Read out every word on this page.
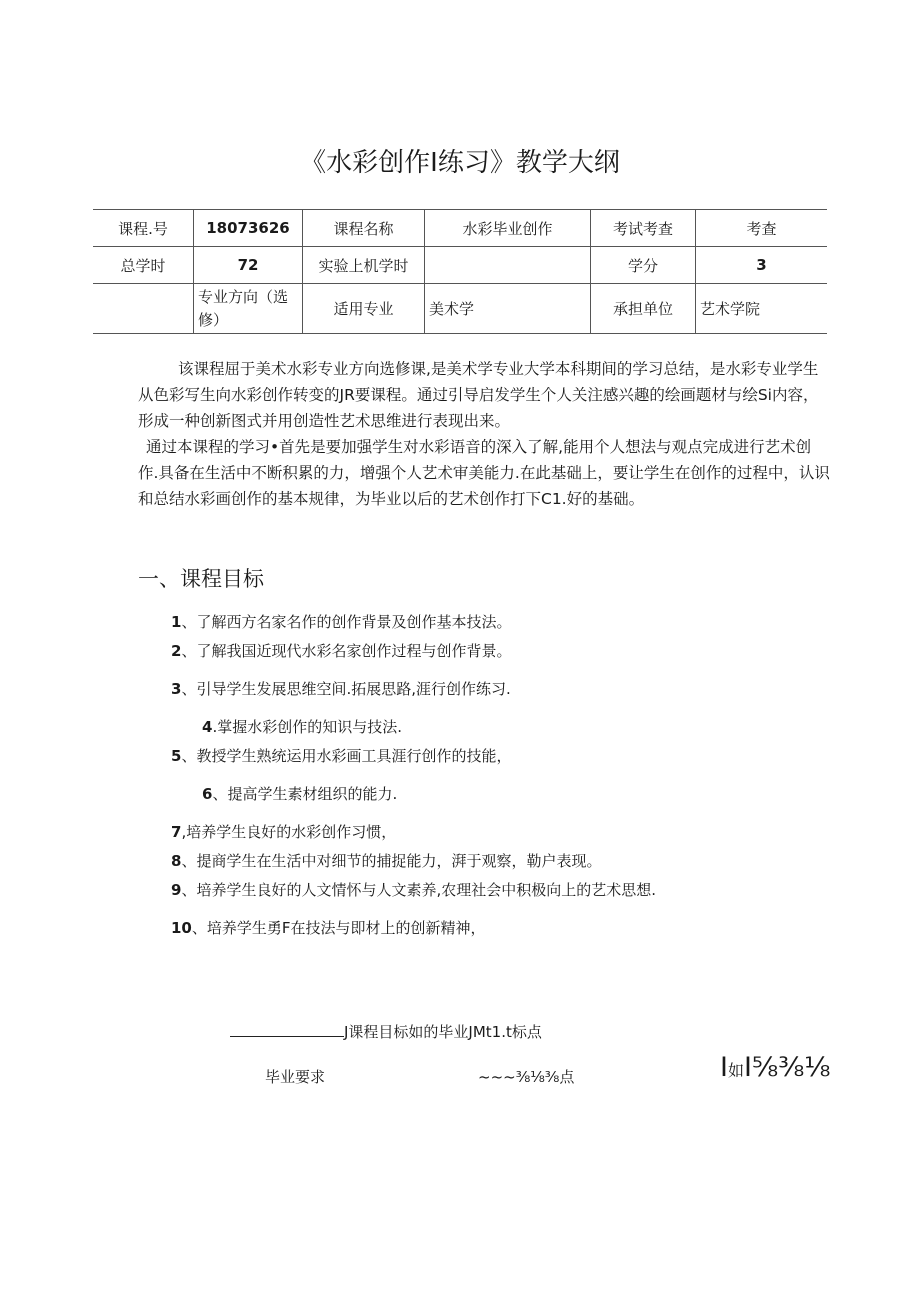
《水彩创作I练习》教学大纲
课程.号	18073626	课程名称	水彩毕业创作	考试考查	考查
总学时	72	实验上机学时		学分	3
	专业方向（选修）	适用专业	美术学	承担单位	艺术学院

该课程屈于美术水彩专业方向选修课,是美术学专业大学本科期间的学习总结，是水彩专业学生从色彩写生向水彩创作转变的JR要课程。通过引导启发学生个人关注感兴趣的绘画题材与绘Si内容，形成一种创新图式并用创造性艺术思维进行表现出来。

通过本课程的学习•首先是要加强学生对水彩语音的深入了解,能用个人想法与观点完成进行艺术创作.具备在生活中不断积累的力，增强个人艺术审美能力.在此基础上，要让学生在创作的过程中，认识和总结水彩画创作的基本规律，为毕业以后的艺术创作打下C1.好的基础。

一、课程目标
1、了解西方名家名作的创作背景及创作基本技法。
2、了解我国近现代水彩名家创作过程与创作背景。
3、引导学生发展思维空间.拓展思路,涯行创作练习.
4.掌握水彩创作的知识与技法.
5、教授学生熟统运用水彩画工具涯行创作的技能，
6、提高学生素材组织的能力.
7,培养学生良好的水彩创作习惯，
8、提商学生在生活中对细节的捕捉能力，湃于观察，勒户表现。
9、培养学生良好的人文情怀与人文素养,农理社会中积极向上的艺术思想.
10、培养学生勇F在技法与即材上的创新精神，
J课程目标如的毕业JMt1.t标点
毕业要求	~~~⅜⅛⅜点	I如I⅝⅜⅛
